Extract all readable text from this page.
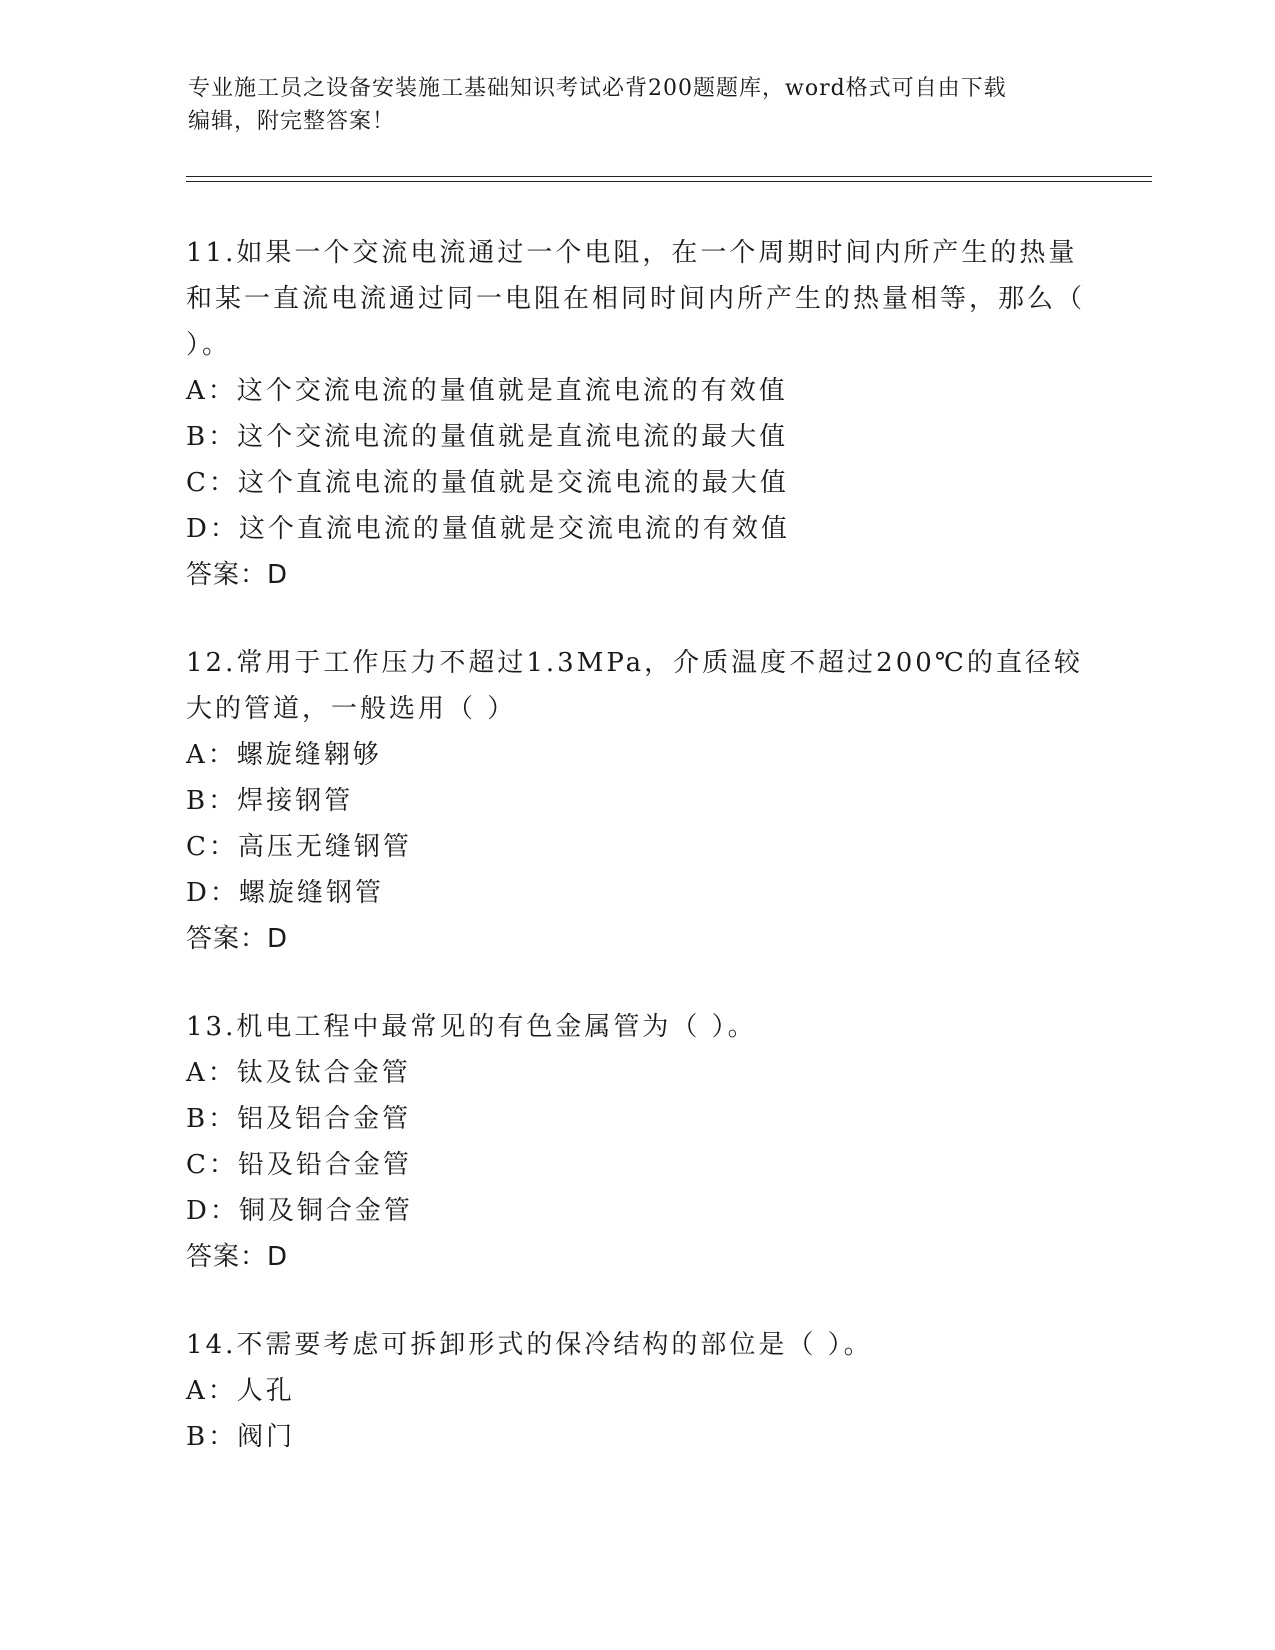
专业施工员之设备安装施工基础知识考试必背200题题库，word格式可自由下载
编辑，附完整答案！
11.如果一个交流电流通过一个电阻，在一个周期时间内所产生的热量和某一直流电流通过同一电阻在相同时间内所产生的热量相等，那么（ ）。
A：这个交流电流的量值就是直流电流的有效值
B：这个交流电流的量值就是直流电流的最大值
C：这个直流电流的量值就是交流电流的最大值
D：这个直流电流的量值就是交流电流的有效值
答案：D
12.常用于工作压力不超过1.3MPa，介质温度不超过200℃的直径较大的管道，一般选用（ ）
A：螺旋缝翱够
B：焊接钢管
C：高压无缝钢管
D：螺旋缝钢管
答案：D
13.机电工程中最常见的有色金属管为（ ）。
A：钛及钛合金管
B：铝及铝合金管
C：铅及铅合金管
D：铜及铜合金管
答案：D
14.不需要考虑可拆卸形式的保冷结构的部位是（ ）。
A：人孔
B：阀门
